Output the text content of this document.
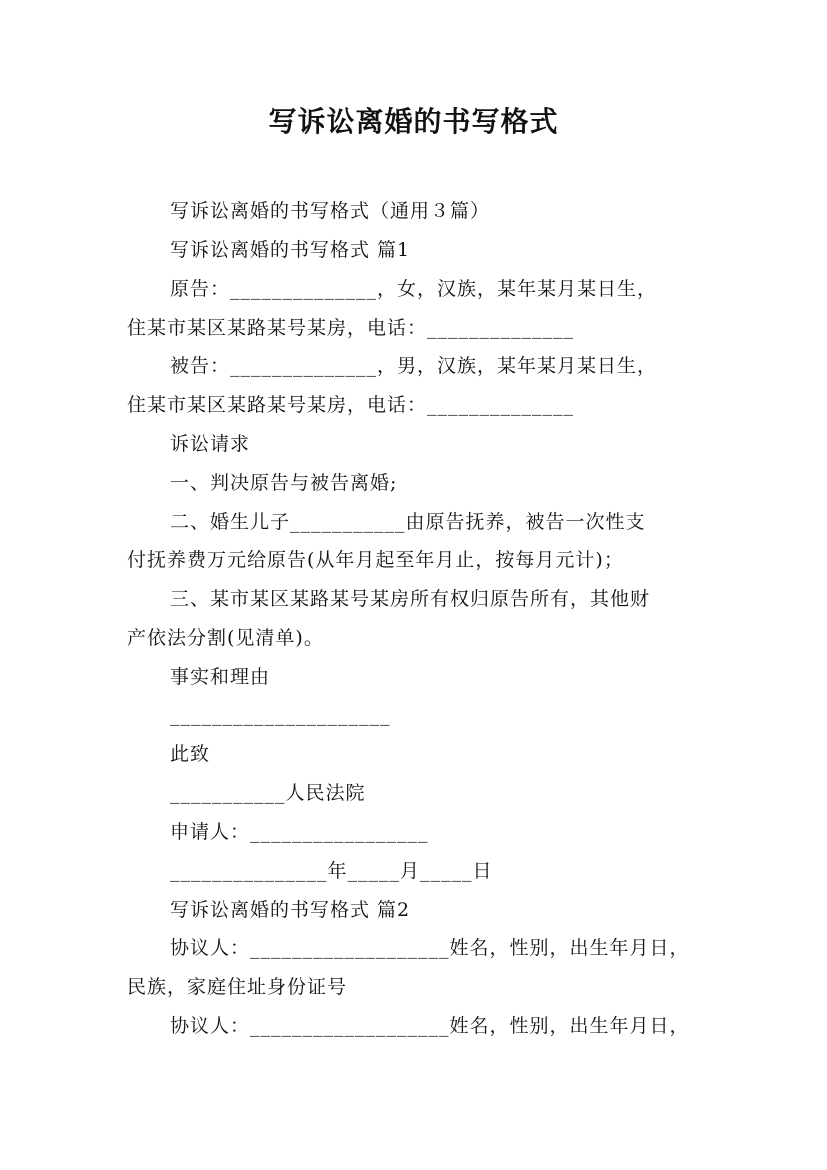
写诉讼离婚的书写格式
写诉讼离婚的书写格式（通用３篇）
写诉讼离婚的书写格式 篇1
原告：______________，女，汉族，某年某月某日生，
住某市某区某路某号某房，电话：______________
被告：______________，男，汉族，某年某月某日生，
住某市某区某路某号某房，电话：______________
诉讼请求
一、判决原告与被告离婚;
二、婚生儿子___________由原告抚养，被告一次性支
付抚养费万元给原告(从年月起至年月止，按每月元计)；
三、某市某区某路某号某房所有权归原告所有，其他财
产依法分割(见清单)。
事实和理由
_____________________
此致
___________人民法院
申请人：_________________
_______________年_____月_____日
写诉讼离婚的书写格式 篇2
协议人：___________________姓名，性别，出生年月日，
民族，家庭住址身份证号
协议人：___________________姓名，性别，出生年月日，
